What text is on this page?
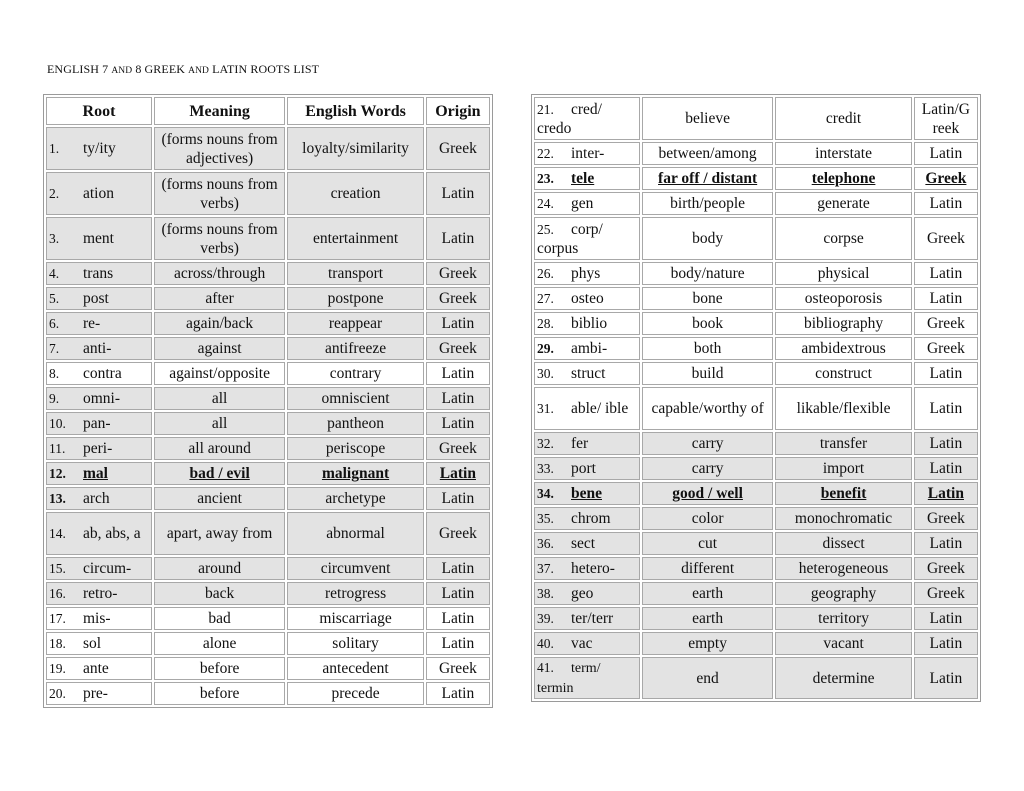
ENGLISH 7 AND 8 GREEK AND LATIN ROOTS LIST
Root	Meaning	English Words	Origin
1. ty/ity	(forms nouns from adjectives)	loyalty/similarity	Greek
2. ation	(forms nouns from verbs)	creation	Latin
3. ment	(forms nouns from verbs)	entertainment	Latin
4. trans	across/through	transport	Greek
5. post	after	postpone	Greek
6. re-	again/back	reappear	Latin
7. anti-	against	antifreeze	Greek
8. contra	against/opposite	contrary	Latin
9. omni-	all	omniscient	Latin
10. pan-	all	pantheon	Latin
11. peri-	all around	periscope	Greek
12. mal	bad / evil	malignant	Latin
13. arch	ancient	archetype	Latin
14. ab, abs, a	apart, away from	abnormal	Greek
15. circum-	around	circumvent	Latin
16. retro-	back	retrogress	Latin
17. mis-	bad	miscarriage	Latin
18. sol	alone	solitary	Latin
19. ante	before	antecedent	Greek
20. pre-	before	precede	Latin
21. cred/ credo	believe	credit	Latin/G reek
22. inter-	between/among	interstate	Latin
23. tele	far off / distant	telephone	Greek
24. gen	birth/people	generate	Latin
25. corp/ corpus	body	corpse	Greek
26. phys	body/nature	physical	Latin
27. osteo	bone	osteoporosis	Latin
28. biblio	book	bibliography	Greek
29. ambi-	both	ambidextrous	Greek
30. struct	build	construct	Latin
31. able/ ible	capable/worthy of	likable/flexible	Latin
32. fer	carry	transfer	Latin
33. port	carry	import	Latin
34. bene	good / well	benefit	Latin
35. chrom	color	monochromatic	Greek
36. sect	cut	dissect	Latin
37. hetero-	different	heterogeneous	Greek
38. geo	earth	geography	Greek
39. ter/terr	earth	territory	Latin
40. vac	empty	vacant	Latin
41. term/ termin	end	determine	Latin
